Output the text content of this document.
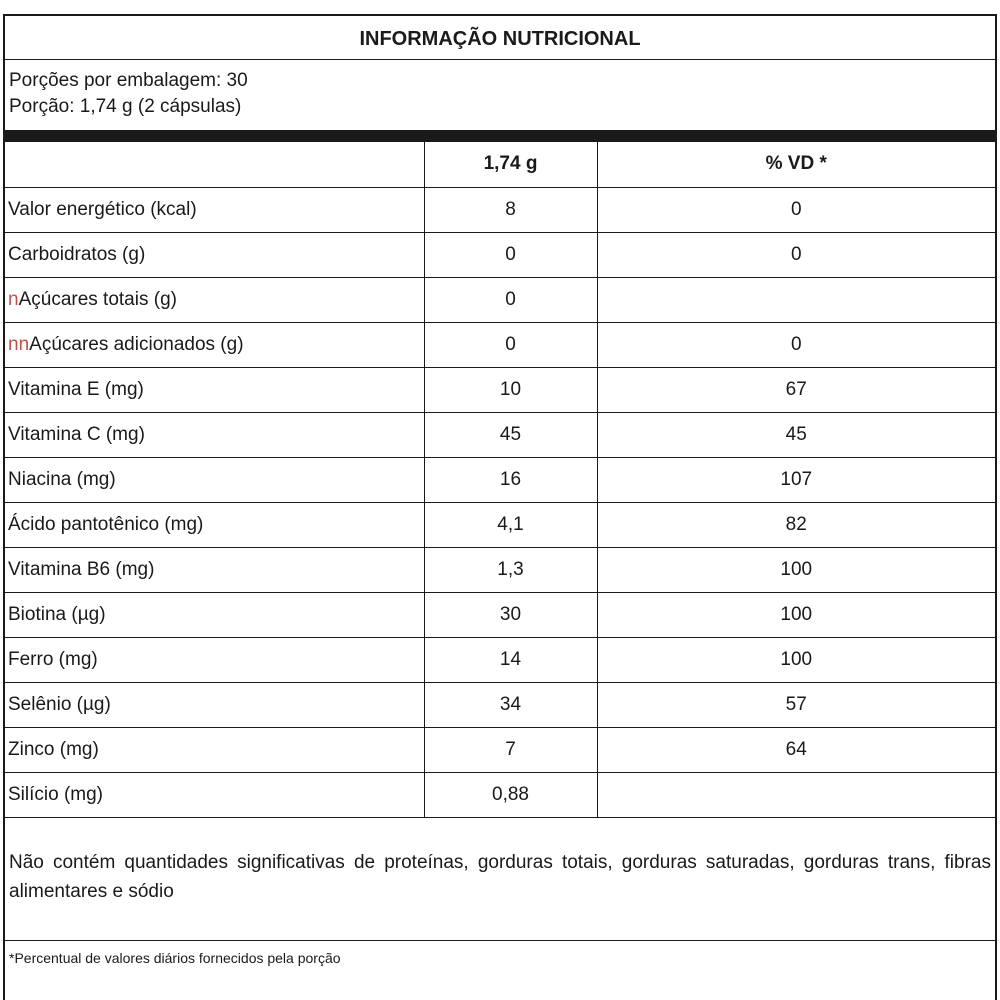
INFORMAÇÃO NUTRICIONAL
Porções por embalagem: 30
Porção: 1,74 g (2 cápsulas)
	1,74 g	% VD *
Valor energético (kcal)	8	0
Carboidratos (g)	0	0
nAçúcares totais (g)	0	
nnAçúcares adicionados (g)	0	0
Vitamina E (mg)	10	67
Vitamina C (mg)	45	45
Niacina (mg)	16	107
Ácido pantotênico (mg)	4,1	82
Vitamina B6 (mg)	1,3	100
Biotina (µg)	30	100
Ferro (mg)	14	100
Selênio (µg)	34	57
Zinco (mg)	7	64
Silício (mg)	0,88	
Não contém quantidades significativas de proteínas, gorduras totais, gorduras saturadas, gorduras trans, fibras alimentares e sódio
*Percentual de valores diários fornecidos pela porção
